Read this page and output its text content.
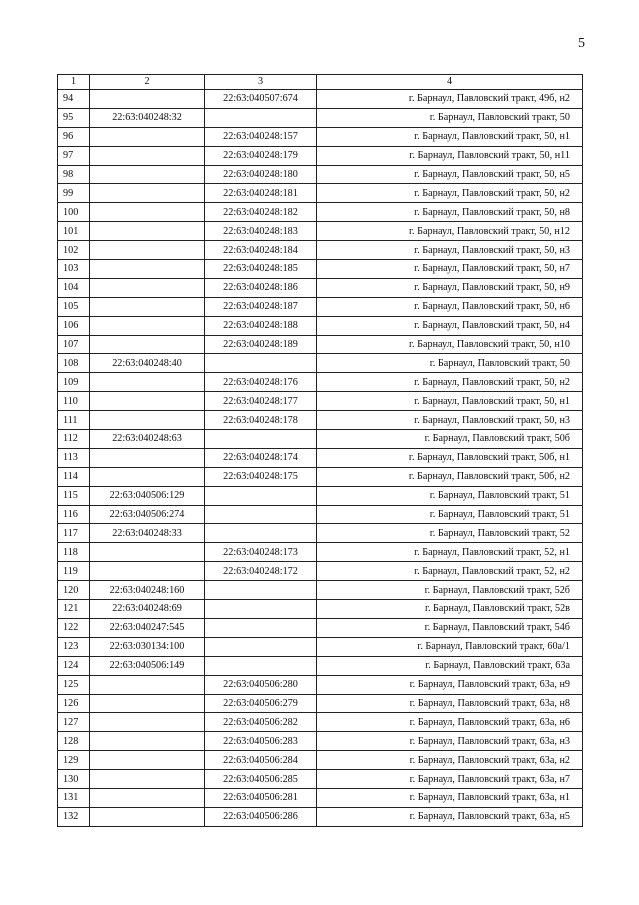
5
1	2	3	4
94		22:63:040507:674	г. Барнаул, Павловский тракт, 49б, н2
95	22:63:040248:32		г. Барнаул, Павловский тракт, 50
96		22:63:040248:157	г. Барнаул, Павловский тракт, 50, н1
97		22:63:040248:179	г. Барнаул, Павловский тракт, 50, н11
98		22:63:040248:180	г. Барнаул, Павловский тракт, 50, н5
99		22:63:040248:181	г. Барнаул, Павловский тракт, 50, н2
100		22:63:040248:182	г. Барнаул, Павловский тракт, 50, н8
101		22:63:040248:183	г. Барнаул, Павловский тракт, 50, н12
102		22:63:040248:184	г. Барнаул, Павловский тракт, 50, н3
103		22:63:040248:185	г. Барнаул, Павловский тракт, 50, н7
104		22:63:040248:186	г. Барнаул, Павловский тракт, 50, н9
105		22:63:040248:187	г. Барнаул, Павловский тракт, 50, н6
106		22:63:040248:188	г. Барнаул, Павловский тракт, 50, н4
107		22:63:040248:189	г. Барнаул, Павловский тракт, 50, н10
108	22:63:040248:40		г. Барнаул, Павловский тракт, 50
109		22:63:040248:176	г. Барнаул, Павловский тракт, 50, н2
110		22:63:040248:177	г. Барнаул, Павловский тракт, 50, н1
111		22:63:040248:178	г. Барнаул, Павловский тракт, 50, н3
112	22:63:040248:63		г. Барнаул, Павловский тракт, 50б
113		22:63:040248:174	г. Барнаул, Павловский тракт, 50б, н1
114		22:63:040248:175	г. Барнаул, Павловский тракт, 50б, н2
115	22:63:040506:129		г. Барнаул, Павловский тракт, 51
116	22:63:040506:274		г. Барнаул, Павловский тракт, 51
117	22:63:040248:33		г. Барнаул, Павловский тракт, 52
118		22:63:040248:173	г. Барнаул, Павловский тракт, 52, н1
119		22:63:040248:172	г. Барнаул, Павловский тракт, 52, н2
120	22:63:040248:160		г. Барнаул, Павловский тракт, 52б
121	22:63:040248:69		г. Барнаул, Павловский тракт, 52в
122	22:63:040247:545		г. Барнаул, Павловский тракт, 54б
123	22:63:030134:100		г. Барнаул, Павловский тракт, 60а/1
124	22:63:040506:149		г. Барнаул, Павловский тракт, 63а
125		22:63:040506:280	г. Барнаул, Павловский тракт, 63а, н9
126		22:63:040506:279	г. Барнаул, Павловский тракт, 63а, н8
127		22:63:040506:282	г. Барнаул, Павловский тракт, 63а, н6
128		22:63:040506:283	г. Барнаул, Павловский тракт, 63а, н3
129		22:63:040506:284	г. Барнаул, Павловский тракт, 63а, н2
130		22:63:040506:285	г. Барнаул, Павловский тракт, 63а, н7
131		22:63:040506:281	г. Барнаул, Павловский тракт, 63а, н1
132		22:63:040506:286	г. Барнаул, Павловский тракт, 63а, н5
